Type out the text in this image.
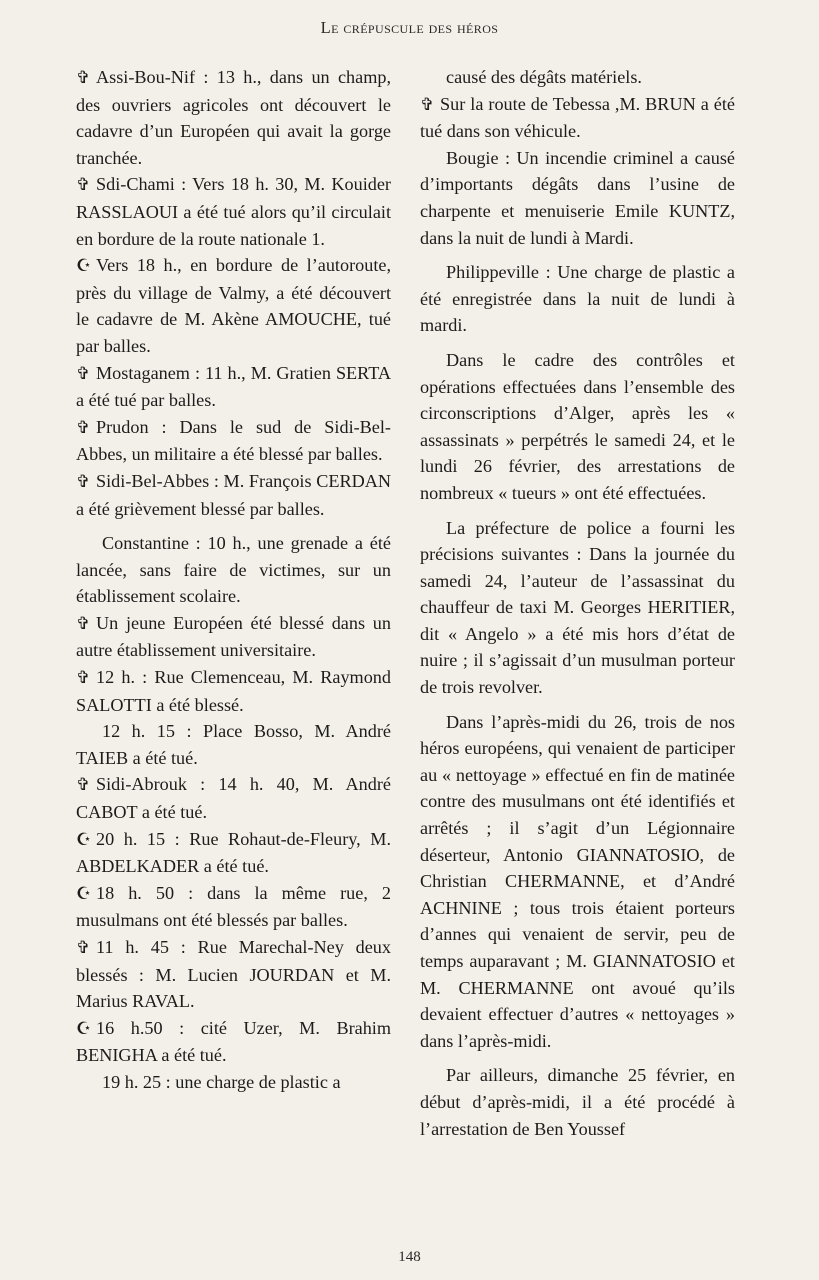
Le crépuscule des héros

✞ Assi-Bou-Nif : 13 h., dans un champ, des ouvriers agricoles ont découvert le cadavre d’un Européen qui avait la gorge tranchée.

✞ Sdi-Chami : Vers 18 h. 30, M. Kouider RASSLAOUI a été tué alors qu’il circulait en bordure de la route nationale 1.

☪ Vers 18 h., en bordure de l’autoroute, près du village de Valmy, a été découvert le cadavre de M. Akène AMOUCHE, tué par balles.

✞ Mostaganem : 11 h., M. Gratien SERTA a été tué par balles.

✞ Prudon : Dans le sud de Sidi-Bel-Abbes, un militaire a été blessé par balles.

✞ Sidi-Bel-Abbes : M. François CERDAN a été grièvement blessé par balles.

Constantine : 10 h., une grenade a été lancée, sans faire de victimes, sur un établissement scolaire.

✞ Un jeune Européen été blessé dans un autre établissement universitaire.

✞ 12 h. : Rue Clemenceau, M. Raymond SALOTTI a été blessé.

12 h. 15 : Place Bosso, M. André TAIEB a été tué.

✞ Sidi-Abrouk : 14 h. 40, M. André CABOT a été tué.

☪ 20 h. 15 : Rue Rohaut-de-Fleury, M. ABDELKADER a été tué.

☪ 18 h. 50 : dans la même rue, 2 musulmans ont été blessés par balles.

✞ 11 h. 45 : Rue Marechal-Ney deux blessés : M. Lucien JOURDAN et M. Marius RAVAL.

☪ 16 h.50 : cité Uzer, M. Brahim BENIGHA a été tué.

19 h. 25 : une charge de plastic a

causé des dégâts matériels.

✞ Sur la route de Tebessa ,M. BRUN a été tué dans son véhicule.

Bougie : Un incendie criminel a causé d’importants dégâts dans l’usine de charpente et menuiserie Emile KUNTZ, dans la nuit de lundi à Mardi.

Philippeville : Une charge de plastic a été enregistrée dans la nuit de lundi à mardi.

Dans le cadre des contrôles et opérations effectuées dans l’ensemble des circonscriptions d’Alger, après les « assassinats » perpétrés le samedi 24, et le lundi 26 février, des arrestations de nombreux « tueurs » ont été effectuées.

La préfecture de police a fourni les précisions suivantes : Dans la journée du samedi 24, l’auteur de l’assassinat du chauffeur de taxi M. Georges HERITIER, dit « Angelo » a été mis hors d’état de nuire ; il s’agissait d’un musulman porteur de trois revolver.

Dans l’après-midi du 26, trois de nos héros européens, qui venaient de participer au « nettoyage » effectué en fin de matinée contre des musulmans ont été identifiés et arrêtés ; il s’agit d’un Légionnaire déserteur, Antonio GIANNATOSIO, de Christian CHERMANNE, et d’André ACHNINE ; tous trois étaient porteurs d’annes qui venaient de servir, peu de temps auparavant ; M. GIANNATOSIO et M. CHERMANNE ont avoué qu’ils devaient effectuer d’autres « nettoyages » dans l’après-midi.

Par ailleurs, dimanche 25 février, en début d’après-midi, il a été procédé à l’arrestation de Ben Youssef

148
